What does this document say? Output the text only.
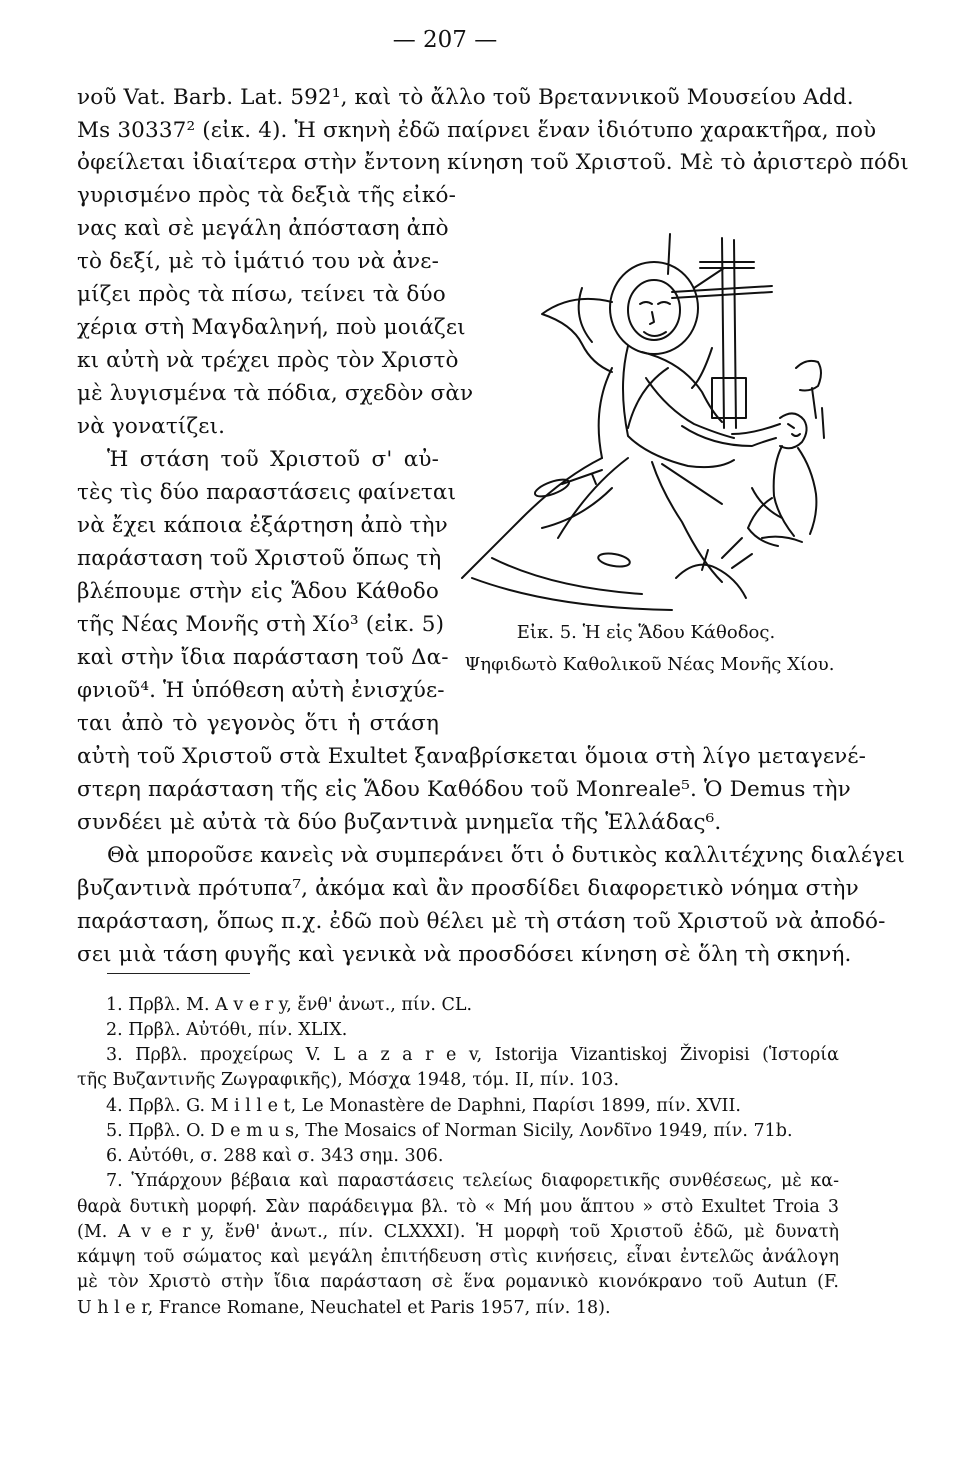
— 207 —
νοῦ Vat. Barb. Lat. 592¹, καὶ τὸ ἄλλο τοῦ Βρεταννικοῦ Μουσείου Add.
Ms 30337² (εἰκ. 4). Ἡ σκηνὴ ἐδῶ παίρνει ἕναν ἰδιότυπο χαρακτῆρα, ποὺ
ὀφείλεται ἰδιαίτερα στὴν ἔντονη κίνηση τοῦ Χριστοῦ. Μὲ τὸ ἀριστερὸ πόδι
γυρισμένο πρὸς τὰ δεξιὰ τῆς εἰκό-
νας καὶ σὲ μεγάλη ἀπόσταση ἀπὸ
τὸ δεξί, μὲ τὸ ἱμάτιό του νὰ ἀνε-
μίζει πρὸς τὰ πίσω, τείνει τὰ δύο
χέρια στὴ Μαγδαληνή, ποὺ μοιάζει
κι αὐτὴ νὰ τρέχει πρὸς τὸν Χριστὸ
μὲ λυγισμένα τὰ πόδια, σχεδὸν σὰν
νὰ γονατίζει.
Ἡ στάση τοῦ Χριστοῦ σ' αὐ-
τὲς τὶς δύο παραστάσεις φαίνεται
νὰ ἔχει κάποια ἐξάρτηση ἀπὸ τὴν
παράσταση τοῦ Χριστοῦ ὅπως τὴ
βλέπουμε στὴν εἰς Ἅδου Κάθοδο
τῆς Νέας Μονῆς στὴ Χίο³ (εἰκ. 5)
καὶ στὴν ἴδια παράσταση τοῦ Δα-
φνιοῦ⁴. Ἡ ὑπόθεση αὐτὴ ἐνισχύε-
ται ἀπὸ τὸ γεγονὸς ὅτι ἡ στάση
αὐτὴ τοῦ Χριστοῦ στὰ Exultet ξαναβρίσκεται ὅμοια στὴ λίγο μεταγενέ-
στερη παράσταση τῆς εἰς Ἅδου Καθόδου τοῦ Monreale⁵. Ὁ Demus τὴν
συνδέει μὲ αὐτὰ τὰ δύο βυζαντινὰ μνημεῖα τῆς Ἑλλάδας⁶.
Θὰ μποροῦσε κανεὶς νὰ συμπεράνει ὅτι ὁ δυτικὸς καλλιτέχνης διαλέγει
βυζαντινὰ πρότυπα⁷, ἀκόμα καὶ ἂν προσδίδει διαφορετικὸ νόημα στὴν
παράσταση, ὅπως π.χ. ἐδῶ ποὺ θέλει μὲ τὴ στάση τοῦ Χριστοῦ νὰ ἀποδό-
σει μιὰ τάση φυγῆς καὶ γενικὰ νὰ προσδόσει κίνηση σὲ ὅλη τὴ σκηνή.
Εἰκ. 5. Ἡ εἰς Ἅδου Κάθοδος.
Ψηφιδωτὸ Καθολικοῦ Νέας Μονῆς Χίου.
1. Πρβλ. M. A v e r y, ἔνθ' ἀνωτ., πίν. CL.
2. Πρβλ. Αὐτόθι, πίν. XLIX.
3. Πρβλ. προχείρως V. L a z a r e v, Istorija Vizantiskoj Živopisi (Ἱστορία
τῆς Βυζαντινῆς Ζωγραφικῆς), Μόσχα 1948, τόμ. II, πίν. 103.
4. Πρβλ. G. M i l l e t, Le Monastère de Daphni, Παρίσι 1899, πίν. XVII.
5. Πρβλ. O. D e m u s, The Mosaics of Norman Sicily, Λονδῖνο 1949, πίν. 71b.
6. Αὐτόθι, σ. 288 καὶ σ. 343 σημ. 306.
7. Ὑπάρχουν βέβαια καὶ παραστάσεις τελείως διαφορετικῆς συνθέσεως, μὲ κα-
θαρὰ δυτικὴ μορφή. Σὰν παράδειγμα βλ. τὸ « Μή μου ἅπτου » στὸ Exultet Troia 3
(M. A v e r y, ἔνθ' ἀνωτ., πίν. CLXXXI). Ἡ μορφὴ τοῦ Χριστοῦ ἐδῶ, μὲ δυνατὴ
κάμψη τοῦ σώματος καὶ μεγάλη ἐπιτήδευση στὶς κινήσεις, εἶναι ἐντελῶς ἀνάλογη
μὲ τὸν Χριστὸ στὴν ἴδια παράσταση σὲ ἕνα ρομανικὸ κιονόκρανο τοῦ Autun (F.
U h l e r, France Romane, Neuchatel et Paris 1957, πίν. 18).
